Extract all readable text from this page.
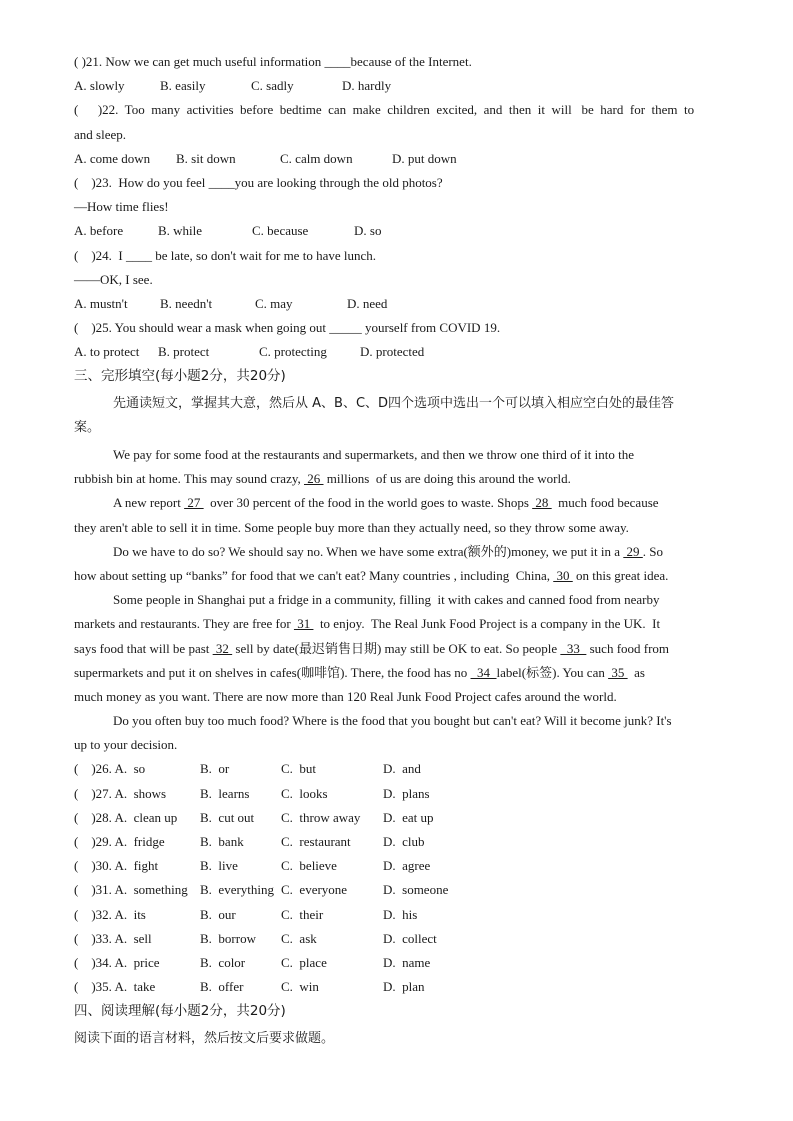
( )21. Now we can get much useful information ____because of the Internet.
A. slowly	B. easily	C. sadly	D. hardly
(      )22.  Too  many  activities  before  bedtime  can  make  children  excited,  and  then  it  will   be  hard  for  them  to
and sleep.
A. come down B. sit down	C. calm down	D. put down
(    )23.  How do you feel ____you are looking through the old photos?
—How time flies!
A. before	B. while	C. because	D. so
(    )24.  I ____ be late, so don't wait for me to have lunch.
——OK, I see.
A. mustn't B. needn't	C. may	D. need
(    )25. You should wear a mask when going out _____ yourself from COVID 19.
A. to protect B. protect	C. protecting	D. protected
三、完形填空(每小题2分，共20分)
先通读短文，掌握其大意，然后从 A、B、C、D四个选项中选出一个可以填入相应空白处的最佳答
案。
We pay for some food at the restaurants and supermarkets, and then we throw one third of it into the
rubbish bin at home. This may sound crazy,  26  millions  of us are doing this around the world.
A new report  27   over 30 percent of the food in the world goes to waste. Shops  28   much food because
they aren't able to sell it in time. Some people buy more than they actually need, so they throw some away.
Do we have to do so? We should say no. When we have some extra(额外的)money, we put it in a  29 . So
how about setting up “banks” for food that we can't eat? Many countries , including  China,  30  on this great idea.
Some people in Shanghai put a fridge in a community, filling  it with cakes and canned food from nearby
markets and restaurants. They are free for  31   to enjoy.  The Real Junk Food Project is a company in the UK.  It
says food that will be past  32  sell by date(最迟销售日期) may still be OK to eat. So people   33   such food from
supermarkets and put it on shelves in cafes(咖啡馆). There, the food has no   34  label(标签). You can  35   as
much money as you want. There are now more than 120 Real Junk Food Project cafes around the world.
Do you often buy too much food? Where is the food that you bought but can't eat? Will it become junk? It's
up to your decision.
(    )26. A.  so	B.  or	C.  but	D.  and
(    )27. A.  shows	B.  learns C.  looks	D.  plans
(    )28. A.  clean up B.  cut out C.  throw away D.  eat up
(    )29. A.  fridge	B.  bank	C.  restaurant D.  club
(    )30. A.  fight	B.  live	C.  believe	D.  agree
(    )31. A.  something B.  everything C.  everyone	D.  someone
(    )32. A.  its	B.  our	C.  their	D.  his
(    )33. A.  sell	B.  borrow C.  ask	D.  collect
(    )34. A.  price	B.  color	C.  place	D.  name
(    )35. A.  take	B.  offer	C.  win	D.  plan
四、阅读理解(每小题2分，共20分)
阅读下面的语言材料，然后按文后要求做题。
